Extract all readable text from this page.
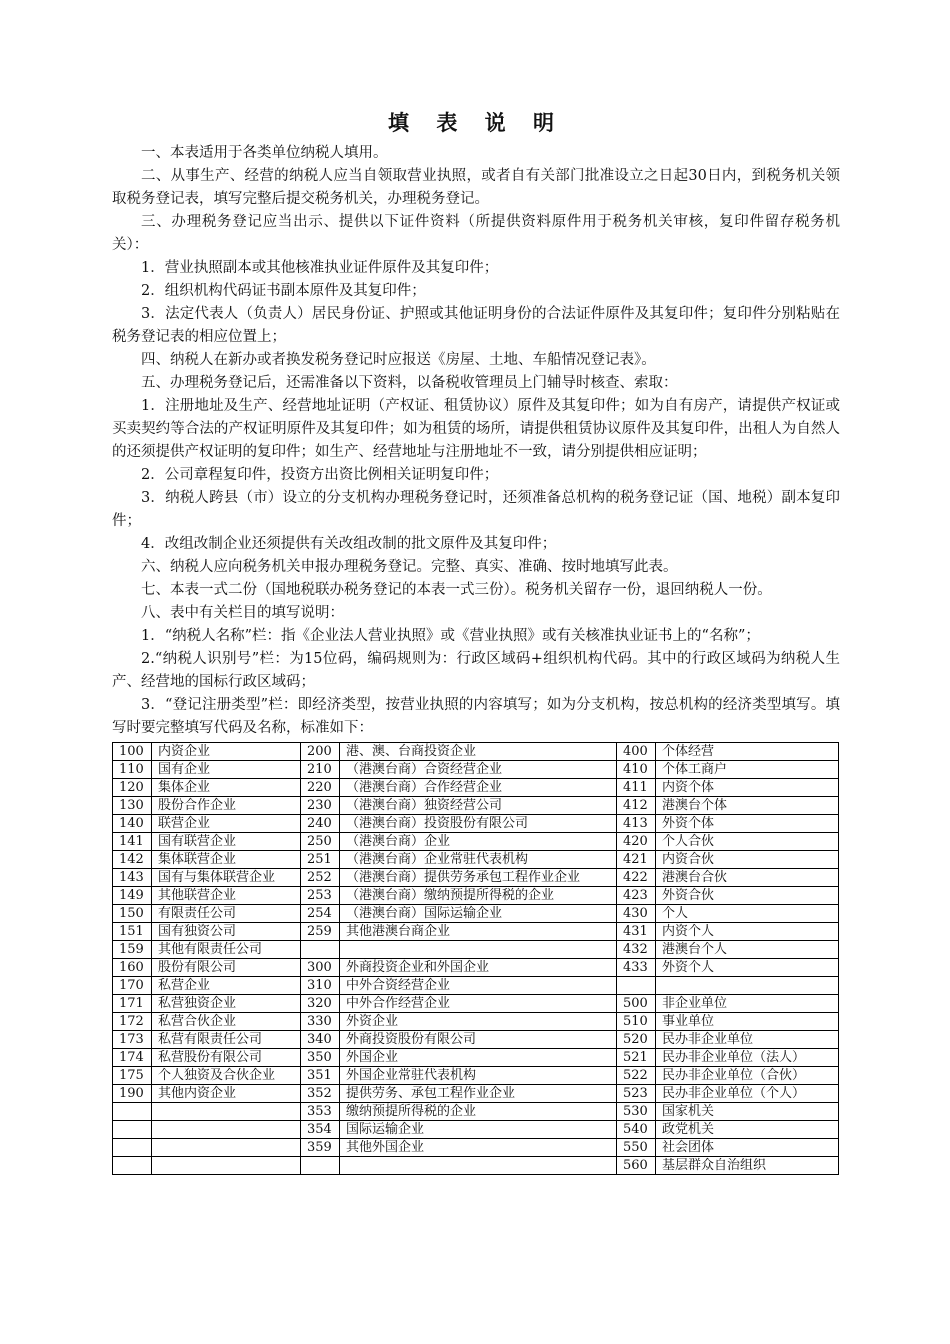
填 表 说 明

一、本表适用于各类单位纳税人填用。

二、从事生产、经营的纳税人应当自领取营业执照，或者自有关部门批准设立之日起30日内，到税务机关领取税务登记表，填写完整后提交税务机关，办理税务登记。

三、办理税务登记应当出示、提供以下证件资料（所提供资料原件用于税务机关审核，复印件留存税务机关）：

1．营业执照副本或其他核准执业证件原件及其复印件；

2．组织机构代码证书副本原件及其复印件；

3．法定代表人（负责人）居民身份证、护照或其他证明身份的合法证件原件及其复印件；复印件分别粘贴在税务登记表的相应位置上；

四、纳税人在新办或者换发税务登记时应报送《房屋、土地、车船情况登记表》。

五、办理税务登记后，还需准备以下资料，以备税收管理员上门辅导时核查、索取：

1．注册地址及生产、经营地址证明（产权证、租赁协议）原件及其复印件；如为自有房产，请提供产权证或买卖契约等合法的产权证明原件及其复印件；如为租赁的场所，请提供租赁协议原件及其复印件，出租人为自然人的还须提供产权证明的复印件；如生产、经营地址与注册地址不一致，请分别提供相应证明；

2．公司章程复印件，投资方出资比例相关证明复印件；

3．纳税人跨县（市）设立的分支机构办理税务登记时，还须准备总机构的税务登记证（国、地税）副本复印件；

4．改组改制企业还须提供有关改组改制的批文原件及其复印件；

六、纳税人应向税务机关申报办理税务登记。完整、真实、准确、按时地填写此表。

七、本表一式二份（国地税联办税务登记的本表一式三份）。税务机关留存一份，退回纳税人一份。

八、表中有关栏目的填写说明：

1．“纳税人名称”栏：指《企业法人营业执照》或《营业执照》或有关核准执业证书上的“名称”；

2.“纳税人识别号”栏：为15位码，编码规则为：行政区域码+组织机构代码。其中的行政区域码为纳税人生产、经营地的国标行政区域码；

3．“登记注册类型”栏：即经济类型，按营业执照的内容填写；如为分支机构，按总机构的经济类型填写。填写时要完整填写代码及名称，标准如下：

100	内资企业	200	港、澳、台商投资企业	400	个体经营
110	国有企业	210	（港澳台商）合资经营企业	410	个体工商户
120	集体企业	220	（港澳台商）合作经营企业	411	内资个体
130	股份合作企业	230	（港澳台商）独资经营公司	412	港澳台个体
140	联营企业	240	（港澳台商）投资股份有限公司	413	外资个体
141	国有联营企业	250	（港澳台商）企业	420	个人合伙
142	集体联营企业	251	（港澳台商）企业常驻代表机构	421	内资合伙
143	国有与集体联营企业	252	（港澳台商）提供劳务承包工程作业企业	422	港澳台合伙
149	其他联营企业	253	（港澳台商）缴纳预提所得税的企业	423	外资合伙
150	有限责任公司	254	（港澳台商）国际运输企业	430	个人
151	国有独资公司	259	其他港澳台商企业	431	内资个人
159	其他有限责任公司			432	港澳台个人
160	股份有限公司	300	外商投资企业和外国企业	433	外资个人
170	私营企业	310	中外合资经营企业		
171	私营独资企业	320	中外合作经营企业	500	非企业单位
172	私营合伙企业	330	外资企业	510	事业单位
173	私营有限责任公司	340	外商投资股份有限公司	520	民办非企业单位
174	私营股份有限公司	350	外国企业	521	民办非企业单位（法人）
175	个人独资及合伙企业	351	外国企业常驻代表机构	522	民办非企业单位（合伙）
190	其他内资企业	352	提供劳务、承包工程作业企业	523	民办非企业单位（个人）
		353	缴纳预提所得税的企业	530	国家机关
		354	国际运输企业	540	政党机关
		359	其他外国企业	550	社会团体
				560	基层群众自治组织
